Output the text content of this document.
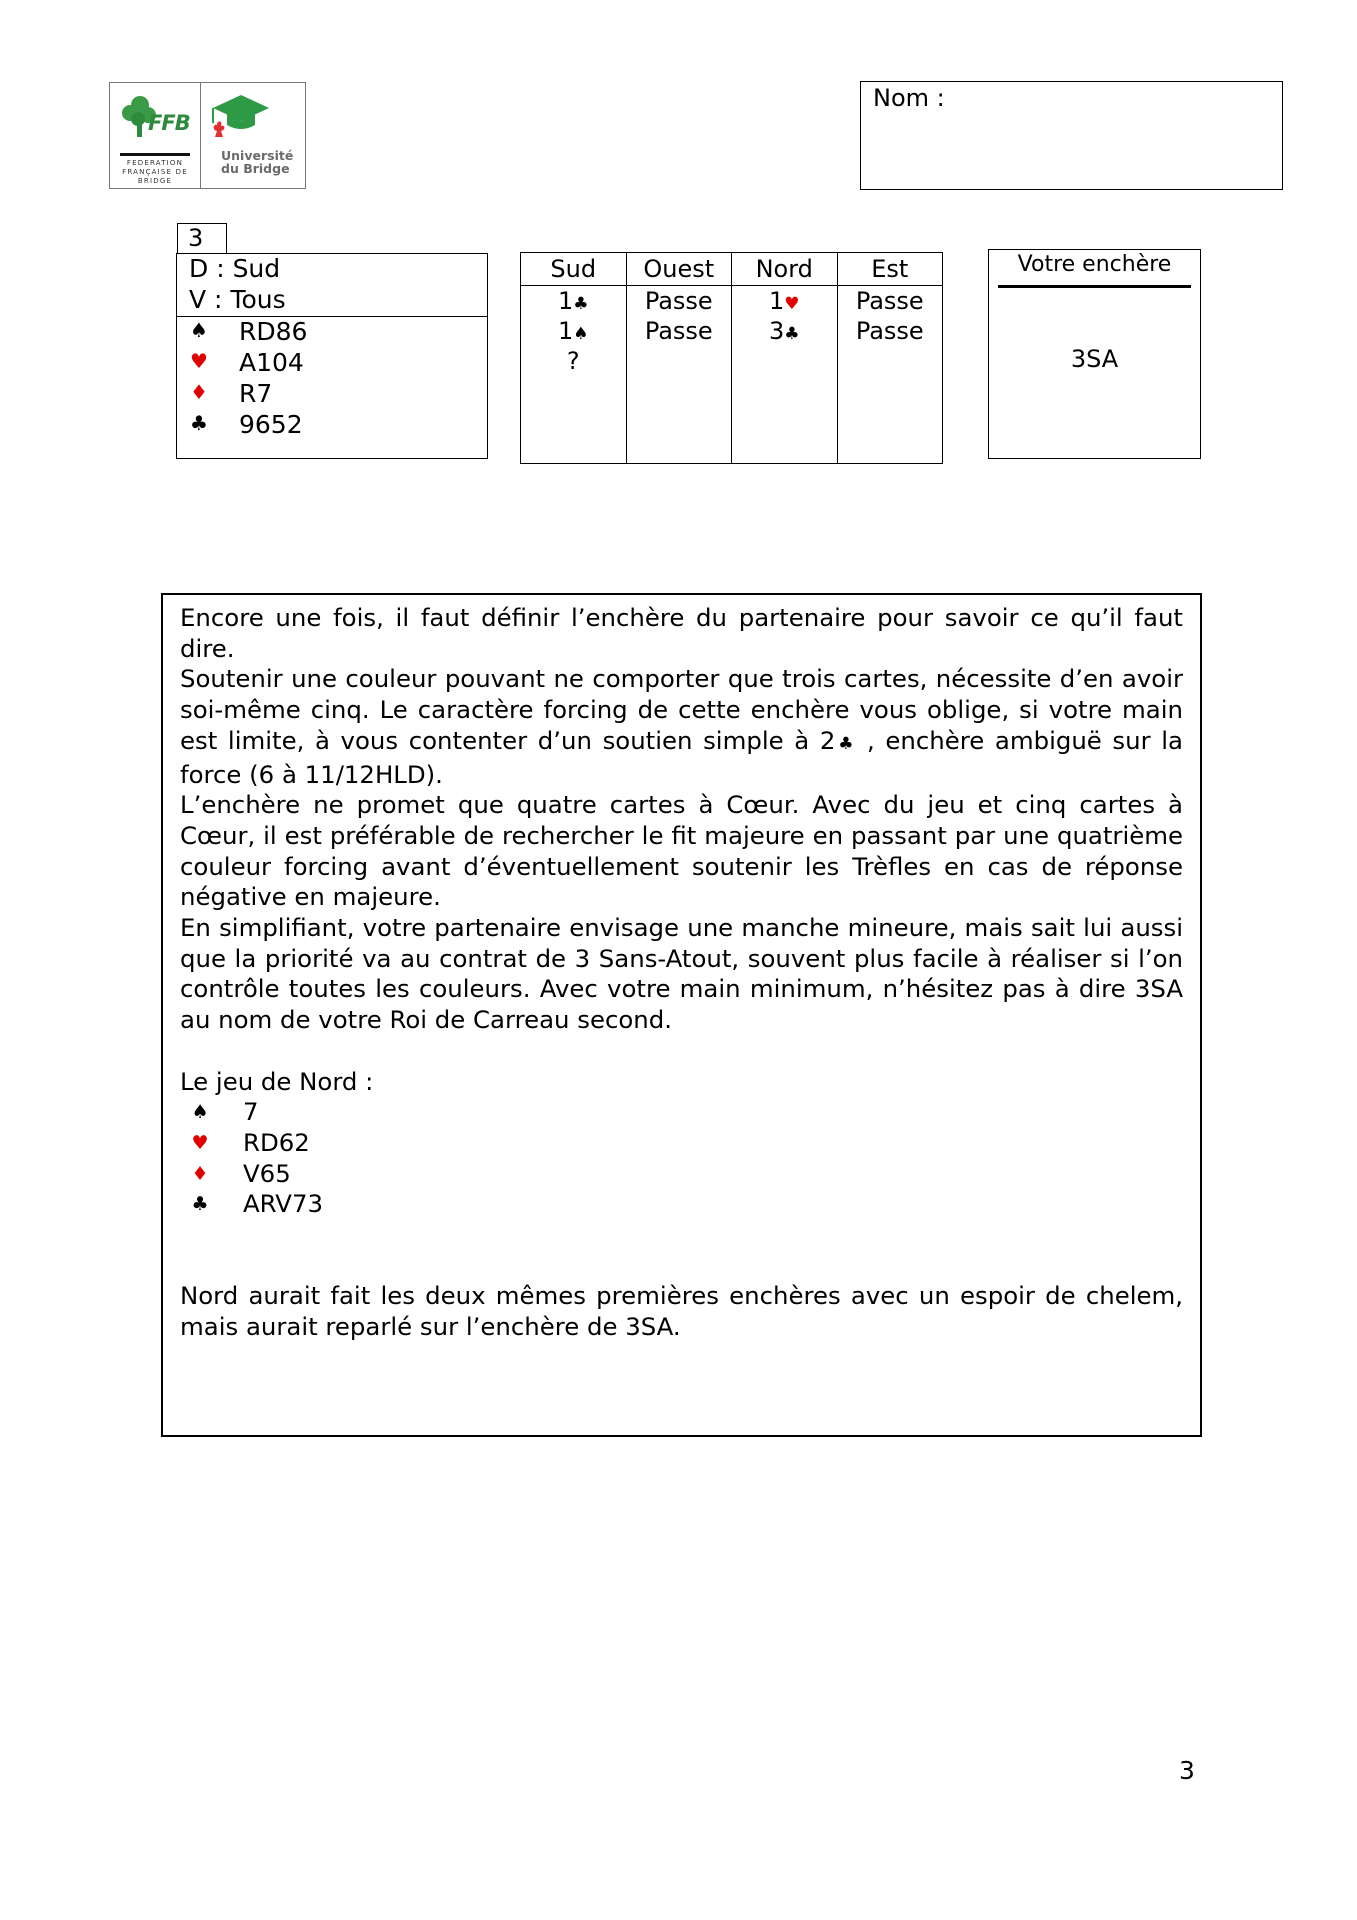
FFB
FEDERATION FRANÇAISE DE BRIDGE
Université
du Bridge
Nom :
3
D : Sud
V : Tous
♠ RD86
♥ A104
♦ R7
♣ 9652
Sud
1♣
1♠
?
Ouest
Passe
Passe
Nord
1♥
3♣
Est
Passe
Passe
Votre enchère
3SA

Encore une fois, il faut définir l’enchère du partenaire pour savoir ce qu’il faut dire.

Soutenir une couleur pouvant ne comporter que trois cartes, nécessite d’en avoir soi-même cinq. Le caractère forcing de cette enchère vous oblige, si votre main est limite, à vous contenter d’un soutien simple à 2♣ , enchère ambiguë sur la force (6 à 11/12HLD).

L’enchère ne promet que quatre cartes à Cœur. Avec du jeu et cinq cartes à Cœur, il est préférable de rechercher le fit majeure en passant par une quatrième couleur forcing avant d’éventuellement soutenir les Trèfles en cas de réponse négative en majeure.

En simplifiant, votre partenaire envisage une manche mineure, mais sait lui aussi que la priorité va au contrat de 3 Sans-Atout, souvent plus facile à réaliser si l’on contrôle toutes les couleurs. Avec votre main minimum, n’hésitez pas à dire 3SA au nom de votre Roi de Carreau second.

Le jeu de Nord :

♠ 7
♥ RD62
♦ V65
♣ ARV73

Nord aurait fait les deux mêmes premières enchères avec un espoir de chelem, mais aurait reparlé sur l’enchère de 3SA.

3
